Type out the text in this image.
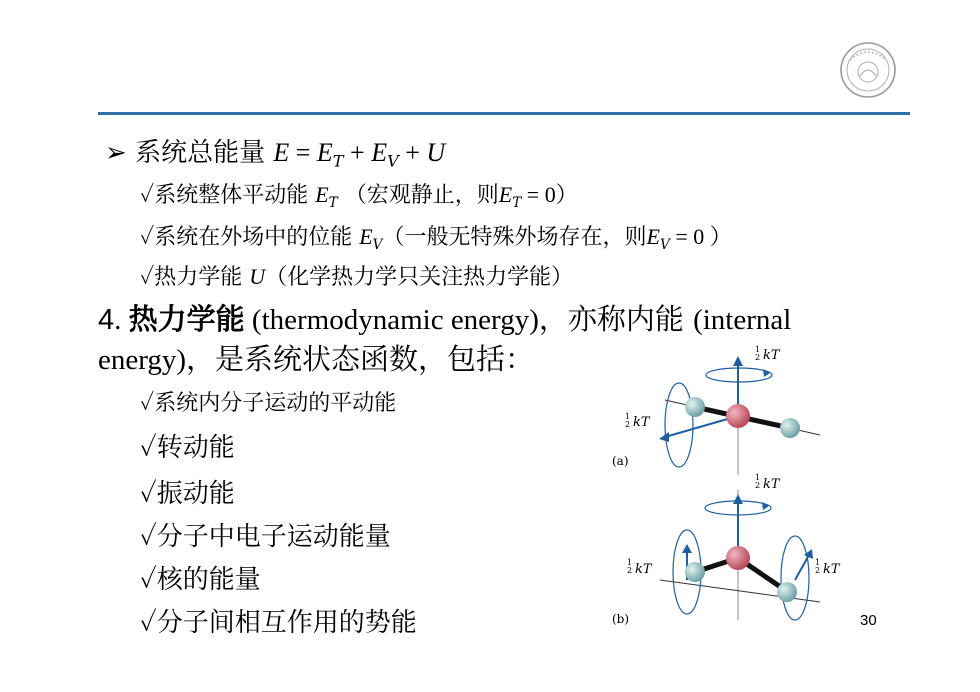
➢ 系统总能量 $E = E_T + E_V + U$
✓系统整体平动能 $E_T$ （宏观静止，则$E_T = 0$）
✓系统在外场中的位能 $E_V$（一般无特殊外场存在，则$E_V = 0$ ）
✓热力学能 U（化学热力学只关注热力学能）
4. 热力学能 (thermodynamic energy)，亦称内能 (internal
energy)，是系统状态函数，包括：
✓系统内分子运动的平动能
✓转动能
✓振动能
✓分子中电子运动能量
✓核的能量
✓分子间相互作用的势能
(a)
1
2 kT
1
2 kT
(b)
1
2 kT
1
2 kT	1
2 kT
30
